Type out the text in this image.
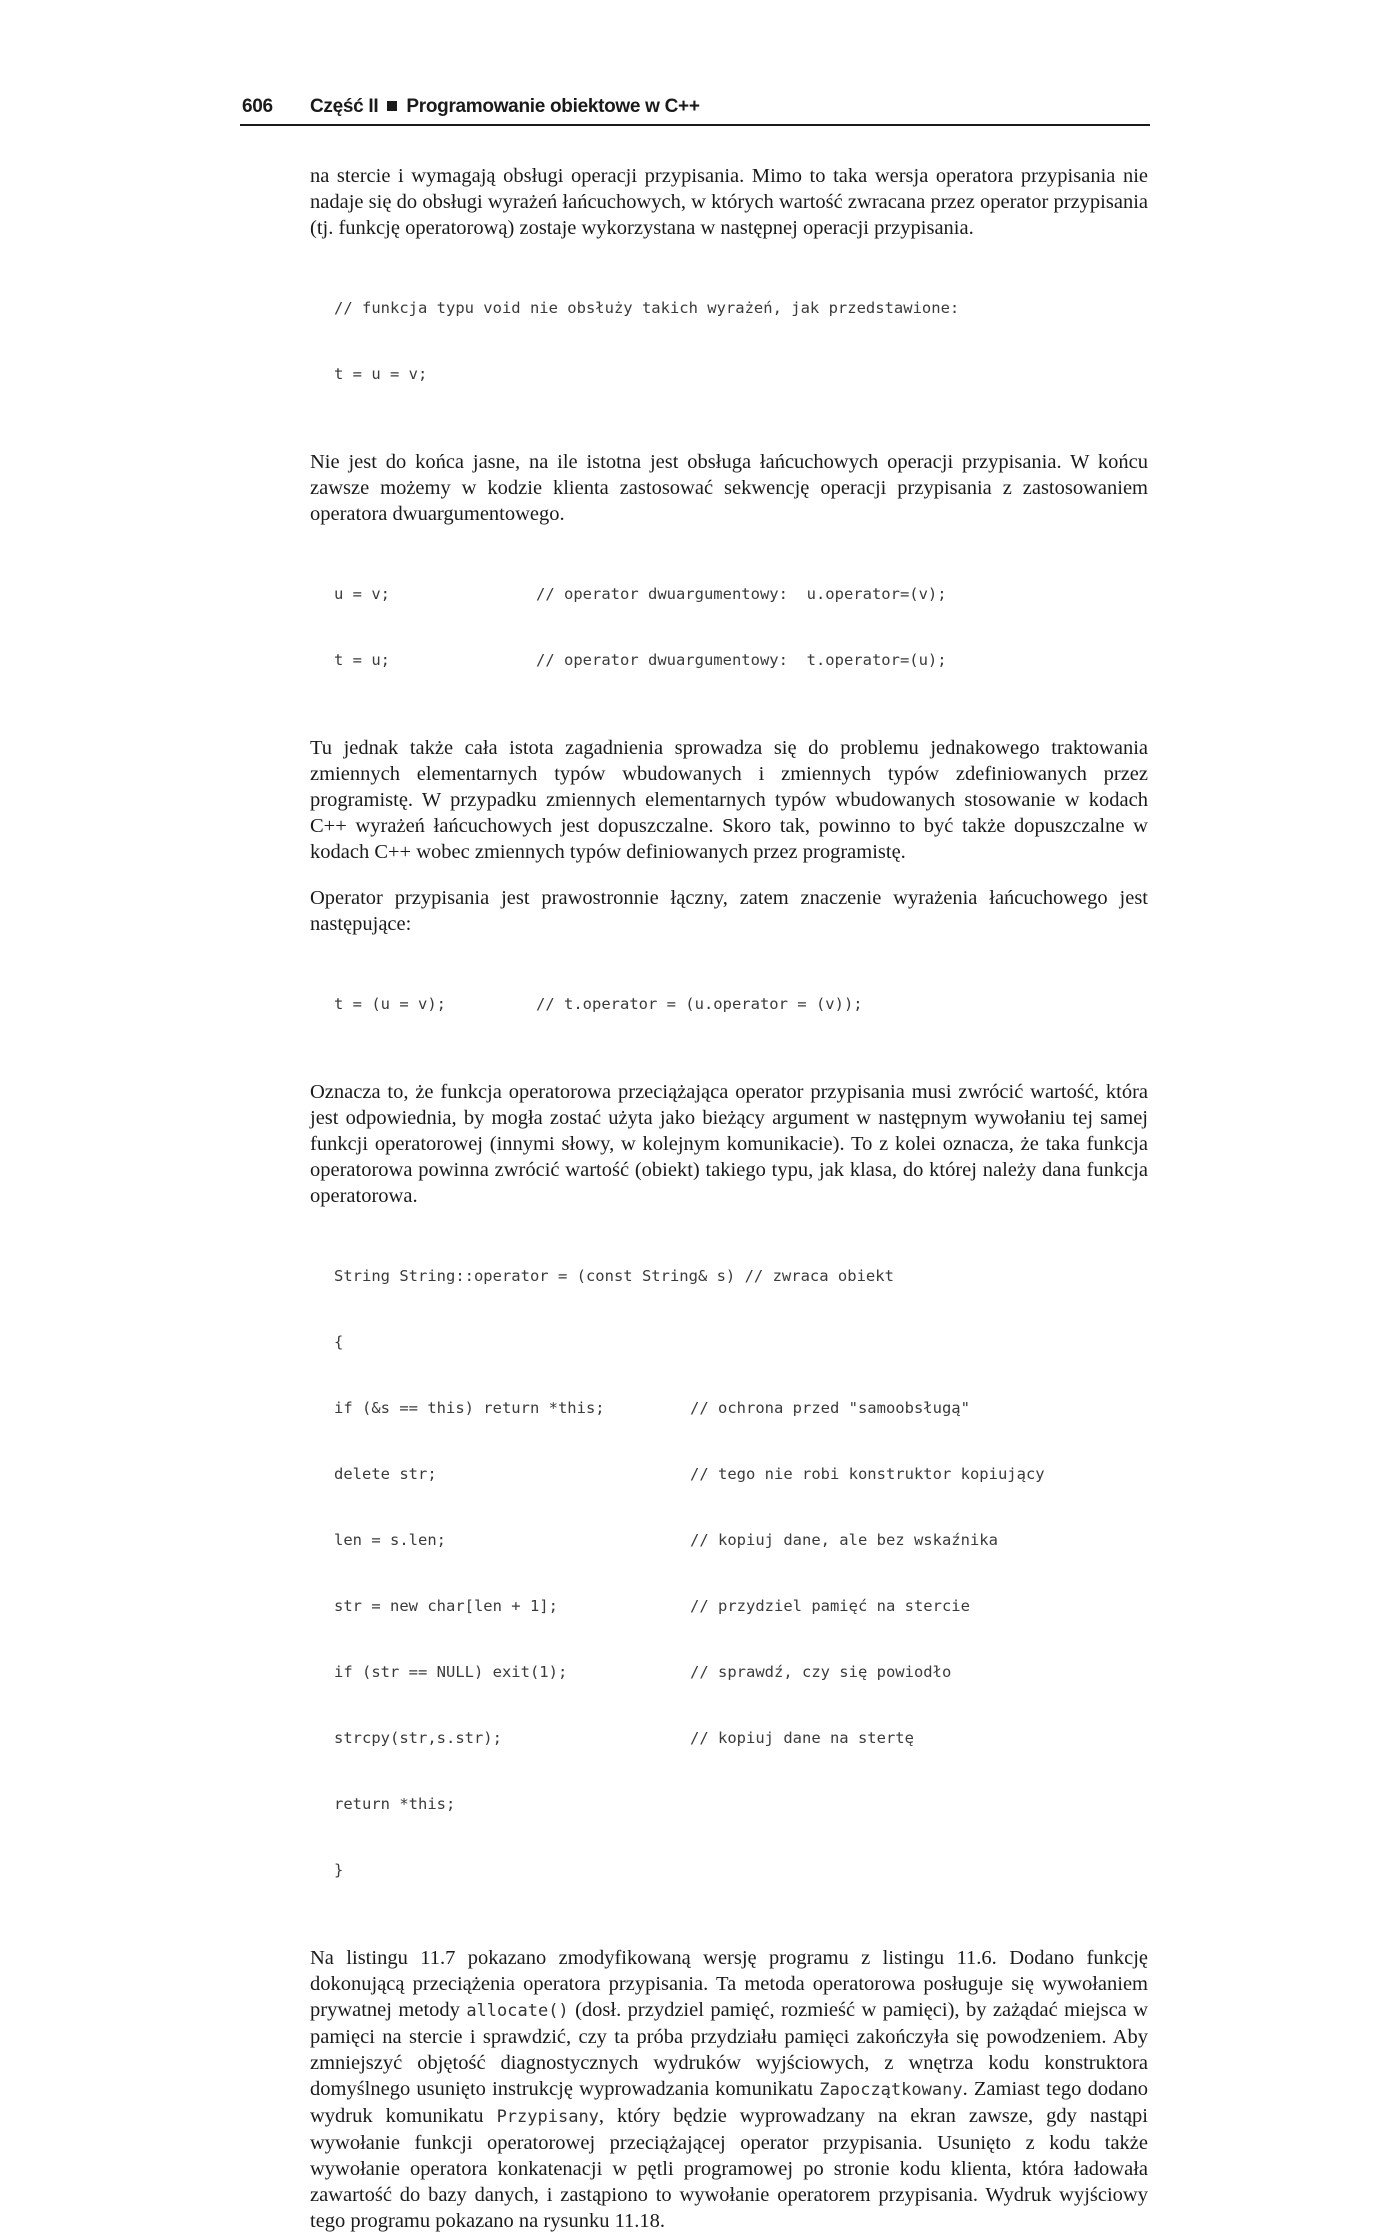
606 Część II Programowanie obiektowe w C++

na stercie i wymagają obsługi operacji przypisania. Mimo to taka wersja operatora przypisania nie nadaje się do obsługi wyrażeń łańcuchowych, w których wartość zwracana przez operator przypisania (tj. funkcję operatorową) zostaje wykorzystana w następnej operacji przypisania.

// funkcja typu void nie obsłuży takich wyrażeń, jak przedstawione:

t = u = v;

Nie jest do końca jasne, na ile istotna jest obsługa łańcuchowych operacji przypisania. W końcu zawsze możemy w kodzie klienta zastosować sekwencję operacji przypisania z zastosowaniem operatora dwuargumentowego.

u = v;	// operator dwuargumentowy:  u.operator=(v);

t = u;	// operator dwuargumentowy:  t.operator=(u);

Tu jednak także cała istota zagadnienia sprowadza się do problemu jednakowego traktowania zmiennych elementarnych typów wbudowanych i zmiennych typów zdefiniowanych przez programistę. W przypadku zmiennych elementarnych typów wbudowanych stosowanie w kodach C++ wyrażeń łańcuchowych jest dopuszczalne. Skoro tak, powinno to być także dopuszczalne w kodach C++ wobec zmiennych typów definiowanych przez programistę.

Operator przypisania jest prawostronnie łączny, zatem znaczenie wyrażenia łańcuchowego jest następujące:

t = (u = v);	// t.operator = (u.operator = (v));

Oznacza to, że funkcja operatorowa przeciążająca operator przypisania musi zwrócić wartość, która jest odpowiednia, by mogła zostać użyta jako bieżący argument w następnym wywołaniu tej samej funkcji operatorowej (innymi słowy, w kolejnym komunikacie). To z kolei oznacza, że taka funkcja operatorowa powinna zwrócić wartość (obiekt) takiego typu, jak klasa, do której należy dana funkcja operatorowa.

String String::operator = (const String& s) // zwraca obiekt

{

if (&s == this) return *this;	// ochrona przed "samoobsługą"

delete str;	// tego nie robi konstruktor kopiujący

len = s.len;	// kopiuj dane, ale bez wskaźnika

str = new char[len + 1];	// przydziel pamięć na stercie

if (str == NULL) exit(1);	// sprawdź, czy się powiodło

strcpy(str,s.str);	// kopiuj dane na stertę

return *this;

}

Na listingu 11.7 pokazano zmodyfikowaną wersję programu z listingu 11.6. Dodano funkcję dokonującą przeciążenia operatora przypisania. Ta metoda operatorowa posługuje się wywołaniem prywatnej metody allocate() (dosł. przydziel pamięć, rozmieść w pamięci), by zażądać miejsca w pamięci na stercie i sprawdzić, czy ta próba przydziału pamięci zakończyła się powodzeniem. Aby zmniejszyć objętość diagnostycznych wydruków wyjściowych, z wnętrza kodu konstruktora domyślnego usunięto instrukcję wyprowadzania komunikatu Zapoczątkowany. Zamiast tego dodano wydruk komunikatu Przypisany, który będzie wyprowadzany na ekran zawsze, gdy nastąpi wywołanie funkcji operatorowej przeciążającej operator przypisania. Usunięto z kodu także wywołanie operatora konkatenacji w pętli programowej po stronie kodu klienta, która ładowała zawartość do bazy danych, i zastąpiono to wywołanie operatorem przypisania. Wydruk wyjściowy tego programu pokazano na rysunku 11.18.
